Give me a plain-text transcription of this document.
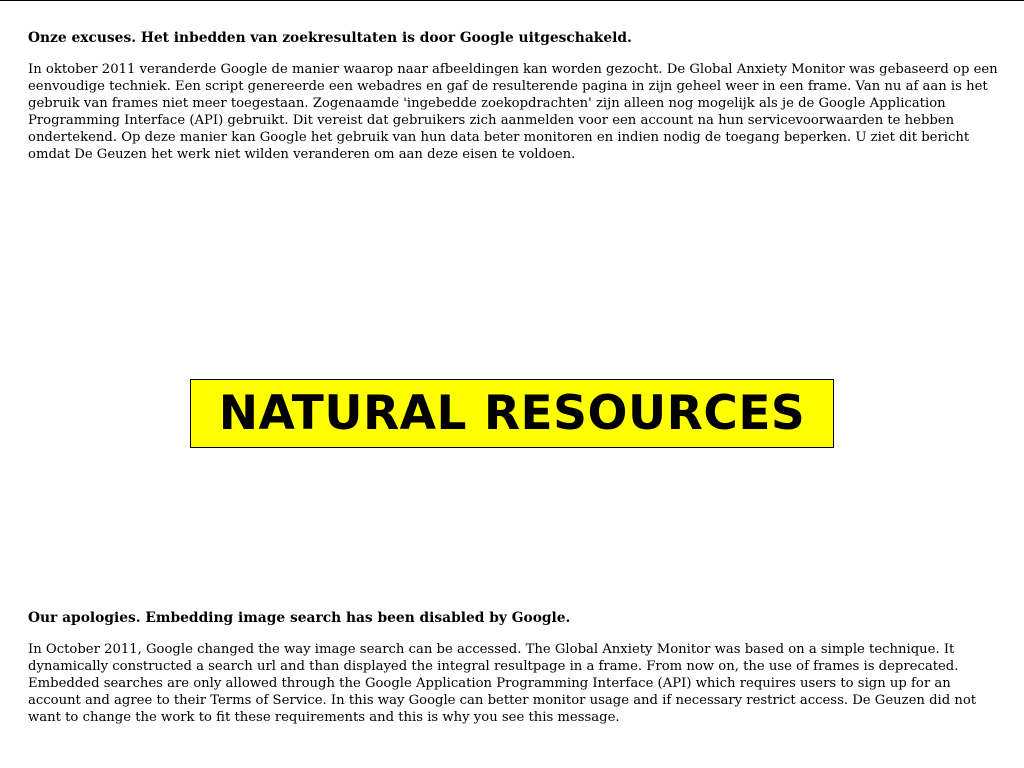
Onze excuses. Het inbedden van zoekresultaten is door Google uitgeschakeld.

In oktober 2011 veranderde Google de manier waarop naar afbeeldingen kan worden gezocht. De Global Anxiety Monitor was gebaseerd op een eenvoudige techniek. Een script genereerde een webadres en gaf de resulterende pagina in zijn geheel weer in een frame. Van nu af aan is het gebruik van frames niet meer toegestaan. Zogenaamde 'ingebedde zoekopdrachten' zijn alleen nog mogelijk als je de Google Application Programming Interface (API) gebruikt. Dit vereist dat gebruikers zich aanmelden voor een account na hun servicevoorwaarden te hebben ondertekend. Op deze manier kan Google het gebruik van hun data beter monitoren en indien nodig de toegang beperken. U ziet dit bericht omdat De Geuzen het werk niet wilden veranderen om aan deze eisen te voldoen.

NATURAL RESOURCES

Our apologies. Embedding image search has been disabled by Google.

In October 2011, Google changed the way image search can be accessed. The Global Anxiety Monitor was based on a simple technique. It dynamically constructed a search url and than displayed the integral resultpage in a frame. From now on, the use of frames is deprecated. Embedded searches are only allowed through the Google Application Programming Interface (API) which requires users to sign up for an account and agree to their Terms of Service. In this way Google can better monitor usage and if necessary restrict access. De Geuzen did not want to change the work to fit these requirements and this is why you see this message.
